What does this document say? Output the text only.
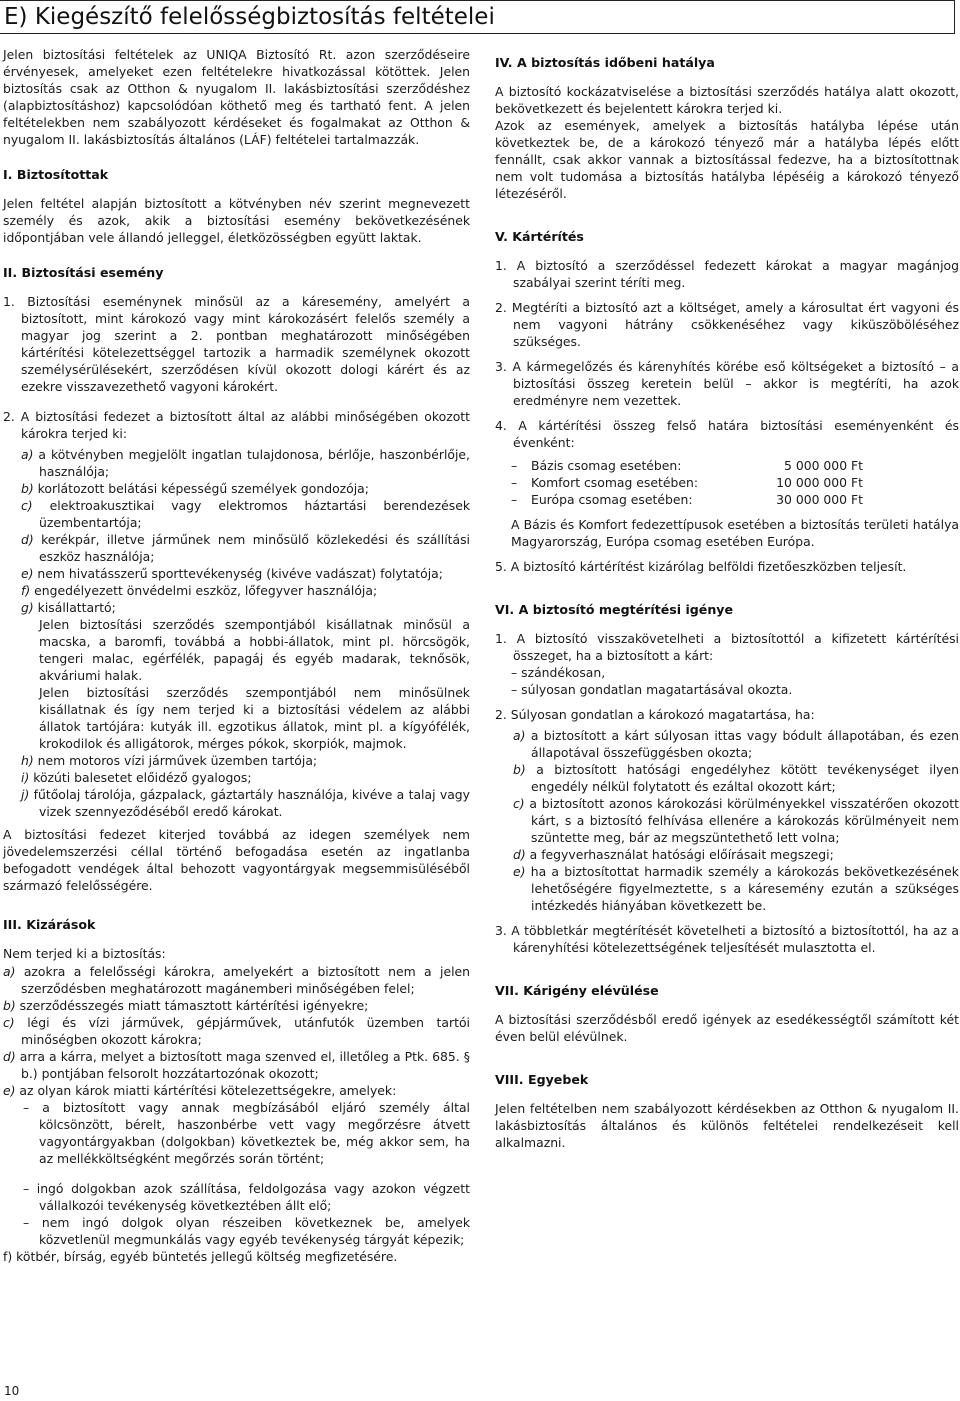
E) Kiegészítő felelősségbiztosítás feltételei

Jelen biztosítási feltételek az UNIQA Biztosító Rt. azon szerződéseire érvényesek, amelyeket ezen feltételekre hivatkozással kötöttek. Jelen biztosítás csak az Otthon & nyugalom II. lakásbiztosítási szerződéshez (alapbiztosításhoz) kapcsolódóan köthető meg és tartható fent. A jelen feltételekben nem szabályozott kérdéseket és fogalmakat az Otthon & nyugalom II. lakásbiztosítás általános (LÁF) feltételei tartalmazzák.

I. Biztosítottak

Jelen feltétel alapján biztosított a kötvényben név szerint megnevezett személy és azok, akik a biztosítási esemény bekövetkezésének időpontjában vele állandó jelleggel, életközösségben együtt laktak.

II. Biztosítási esemény

1. Biztosítási eseménynek minősül az a káresemény, amelyért a biztosított, mint károkozó vagy mint károkozásért felelős személy a magyar jog szerint a 2. pontban meghatározott minőségében kártérítési kötelezettséggel tartozik a harmadik személynek okozott személysérülésekért, szerződésen kívül okozott dologi kárért és az ezekre visszavezethető vagyoni károkért.

2. A biztosítási fedezet a biztosított által az alábbi minőségében okozott károkra terjed ki:
a) a kötvényben megjelölt ingatlan tulajdonosa, bérlője, haszonbérlője, használója;
b) korlátozott belátási képességű személyek gondozója;
c) elektroakusztikai vagy elektromos háztartási berendezések üzembentartója;
d) kerékpár, illetve járműnek nem minősülő közlekedési és szállítási eszköz használója;
e) nem hivatásszerű sporttevékenység (kivéve vadászat) folytatója;
f) engedélyezett önvédelmi eszköz, lőfegyver használója;
g) kisállattartó;
Jelen biztosítási szerződés szempontjából kisállatnak minősül a macska, a baromfi, továbbá a hobbi-állatok, mint pl. hörcsögök, tengeri malac, egérfélék, papagáj és egyéb madarak, teknősök, akváriumi halak.
Jelen biztosítási szerződés szempontjából nem minősülnek kisállatnak és így nem terjed ki a biztosítási védelem az alábbi állatok tartójára: kutyák ill. egzotikus állatok, mint pl. a kígyófélék, krokodilok és alligátorok, mérges pókok, skorpiók, majmok.
h) nem motoros vízi járművek üzemben tartója;
i) közúti balesetet előidéző gyalogos;
j) fűtőolaj tárolója, gázpalack, gáztartály használója, kivéve a talaj vagy vizek szennyeződéséből eredő károkat.

A biztosítási fedezet kiterjed továbbá az idegen személyek nem jövedelemszerzési céllal történő befogadása esetén az ingatlanba befogadott vendégek által behozott vagyontárgyak megsemmisüléséből származó felelősségére.

III. Kizárások
Nem terjed ki a biztosítás:
a) azokra a felelősségi károkra, amelyekért a biztosított nem a jelen szerződésben meghatározott magánemberi minőségében felel;
b) szerződésszegés miatt támasztott kártérítési igényekre;
c) légi és vízi járművek, gépjárművek, utánfutók üzemben tartói minőségben okozott károkra;
d) arra a kárra, melyet a biztosított maga szenved el, illetőleg a Ptk. 685. § b.) pontjában felsorolt hozzátartozónak okozott;
e) az olyan károk miatti kártérítési kötelezettségekre, amelyek:
– a biztosított vagy annak megbízásából eljáró személy által kölcsönzött, bérelt, haszonbérbe vett vagy megőrzésre átvett vagyontárgyakban (dolgokban) következtek be, még akkor sem, ha az mellékköltségként megőrzés során történt;
– ingó dolgokban azok szállítása, feldolgozása vagy azokon végzett vállalkozói tevékenység következtében állt elő;
– nem ingó dolgok olyan részeiben következnek be, amelyek közvetlenül megmunkálás vagy egyéb tevékenység tárgyát képezik;
f) kötbér, bírság, egyéb büntetés jellegű költség megfizetésére.
IV. A biztosítás időbeni hatálya

A biztosító kockázatviselése a biztosítási szerződés hatálya alatt okozott, bekövetkezett és bejelentett károkra terjed ki.

Azok az események, amelyek a biztosítás hatályba lépése után következtek be, de a károkozó tényező már a hatályba lépés előtt fennállt, csak akkor vannak a biztosítással fedezve, ha a biztosítottnak nem volt tudomása a biztosítás hatályba lépéséig a károkozó tényező létezéséről.

V. Kártérítés
1. A biztosító a szerződéssel fedezett károkat a magyar magánjog szabályai szerint téríti meg.
2. Megtéríti a biztosító azt a költséget, amely a károsultat ért vagyoni és nem vagyoni hátrány csökkenéséhez vagy kiküszöböléséhez szükséges.
3. A kármegelőzés és kárenyhítés körébe eső költségeket a biztosító – a biztosítási összeg keretein belül – akkor is megtéríti, ha azok eredményre nem vezettek.
4. A kártérítési összeg felső határa biztosítási eseményenként és évenként:
–	Bázis csomag esetében:	5 000 000 Ft
–	Komfort csomag esetében:	10 000 000 Ft
–	Európa csomag esetében:	30 000 000 Ft

A Bázis és Komfort fedezettípusok esetében a biztosítás területi hatálya Magyarország, Európa csomag esetében Európa.

5. A biztosító kártérítést kizárólag belföldi fizetőeszközben teljesít.
VI. A biztosító megtérítési igénye
1. A biztosító visszakövetelheti a biztosítottól a kifizetett kártérítési összeget, ha a biztosított a kárt:
– szándékosan,
– súlyosan gondatlan magatartásával okozta.
2. Súlyosan gondatlan a károkozó magatartása, ha:
a) a biztosított a kárt súlyosan ittas vagy bódult állapotában, és ezen állapotával összefüggésben okozta;
b) a biztosított hatósági engedélyhez kötött tevékenységet ilyen engedély nélkül folytatott és ezáltal okozott kárt;
c) a biztosított azonos károkozási körülményekkel visszatérően okozott kárt, s a biztosító felhívása ellenére a károkozás körülményeit nem szüntette meg, bár az megszüntethető lett volna;
d) a fegyverhasználat hatósági előírásait megszegi;
e) ha a biztosítottat harmadik személy a károkozás bekövetkezésének lehetőségére figyelmeztette, s a káresemény ezután a szükséges intézkedés hiányában következett be.
3. A többletkár megtérítését követelheti a biztosító a biztosítottól, ha az a kárenyhítési kötelezettségének teljesítését mulasztotta el.
VII. Kárigény elévülése

A biztosítási szerződésből eredő igények az esedékességtől számított két éven belül elévülnek.

VIII. Egyebek

Jelen feltételben nem szabályozott kérdésekben az Otthon & nyugalom II. lakásbiztosítás általános és különös feltételei rendelkezéseit kell alkalmazni.

10
